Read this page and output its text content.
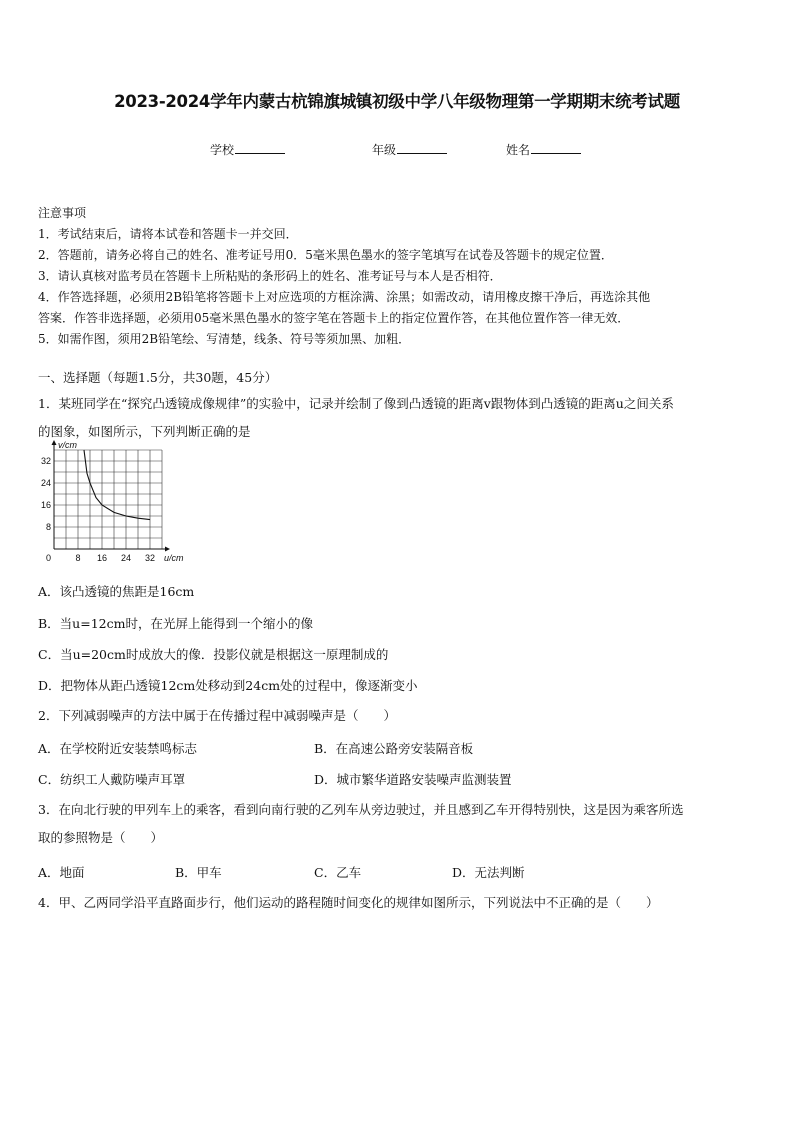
2023-2024学年内蒙古杭锦旗城镇初级中学八年级物理第一学期期末统考试题
学校	年级	姓名
注意事项
1．考试结束后，请将本试卷和答题卡一并交回．
2．答题前，请务必将自己的姓名、准考证号用0．5毫米黑色墨水的签字笔填写在试卷及答题卡的规定位置．
3．请认真核对监考员在答题卡上所粘贴的条形码上的姓名、准考证号与本人是否相符．
4．作答选择题，必须用2B铅笔将答题卡上对应选项的方框涂满、涂黑；如需改动，请用橡皮擦干净后，再选涂其他
答案．作答非选择题，必须用05毫米黑色墨水的签字笔在答题卡上的指定位置作答，在其他位置作答一律无效．
5．如需作图，须用2B铅笔绘、写清楚，线条、符号等须加黑、加粗．
一、选择题（每题1.5分，共30题，45分）
1．某班同学在“探究凸透镜成像规律”的实验中，记录并绘制了像到凸透镜的距离v跟物体到凸透镜的距离u之间关系
的图象，如图所示，下列判断正确的是
8 16 24 32
8
16
24
32
0	u/cm
v/cm
A．该凸透镜的焦距是16cm
B．当u=12cm时，在光屏上能得到一个缩小的像
C．当u=20cm时成放大的像．投影仪就是根据这一原理制成的
D．把物体从距凸透镜12cm处移动到24cm处的过程中，像逐渐变小
2．下列减弱噪声的方法中属于在传播过程中减弱噪声是（　　）
A．在学校附近安装禁鸣标志	B．在高速公路旁安装隔音板
C．纺织工人戴防噪声耳罩	D．城市繁华道路安装噪声监测装置
3．在向北行驶的甲列车上的乘客，看到向南行驶的乙列车从旁边驶过，并且感到乙车开得特别快，这是因为乘客所选
取的参照物是（　　）
A．地面	B．甲车	C．乙车	D．无法判断
4．甲、乙两同学沿平直路面步行，他们运动的路程随时间变化的规律如图所示，下列说法中不正确的是（　　）
